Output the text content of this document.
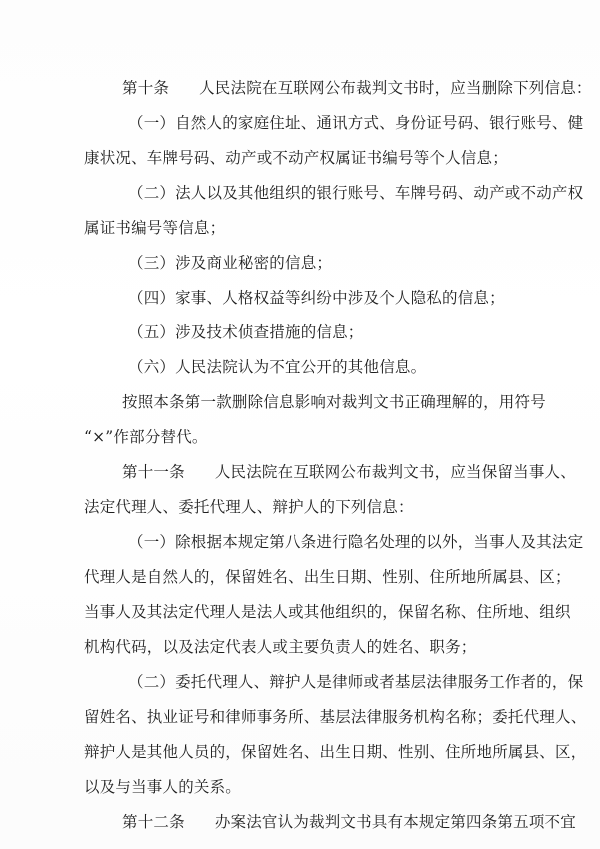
第十条 人民法院在互联网公布裁判文书时，应当删除下列信息：
（一）自然人的家庭住址、通讯方式、身份证号码、银行账号、健
康状况、车牌号码、动产或不动产权属证书编号等个人信息；
（二）法人以及其他组织的银行账号、车牌号码、动产或不动产权
属证书编号等信息；
（三）涉及商业秘密的信息；
（四）家事、人格权益等纠纷中涉及个人隐私的信息；
（五）涉及技术侦查措施的信息；
（六）人民法院认为不宜公开的其他信息。
按照本条第一款删除信息影响对裁判文书正确理解的，用符号
“×”作部分替代。
第十一条 人民法院在互联网公布裁判文书，应当保留当事人、
法定代理人、委托代理人、辩护人的下列信息：
（一）除根据本规定第八条进行隐名处理的以外，当事人及其法定
代理人是自然人的，保留姓名、出生日期、性别、住所地所属县、区；
当事人及其法定代理人是法人或其他组织的，保留名称、住所地、组织
机构代码，以及法定代表人或主要负责人的姓名、职务；
（二）委托代理人、辩护人是律师或者基层法律服务工作者的，保
留姓名、执业证号和律师事务所、基层法律服务机构名称；委托代理人、
辩护人是其他人员的，保留姓名、出生日期、性别、住所地所属县、区，
以及与当事人的关系。
第十二条 办案法官认为裁判文书具有本规定第四条第五项不宜
